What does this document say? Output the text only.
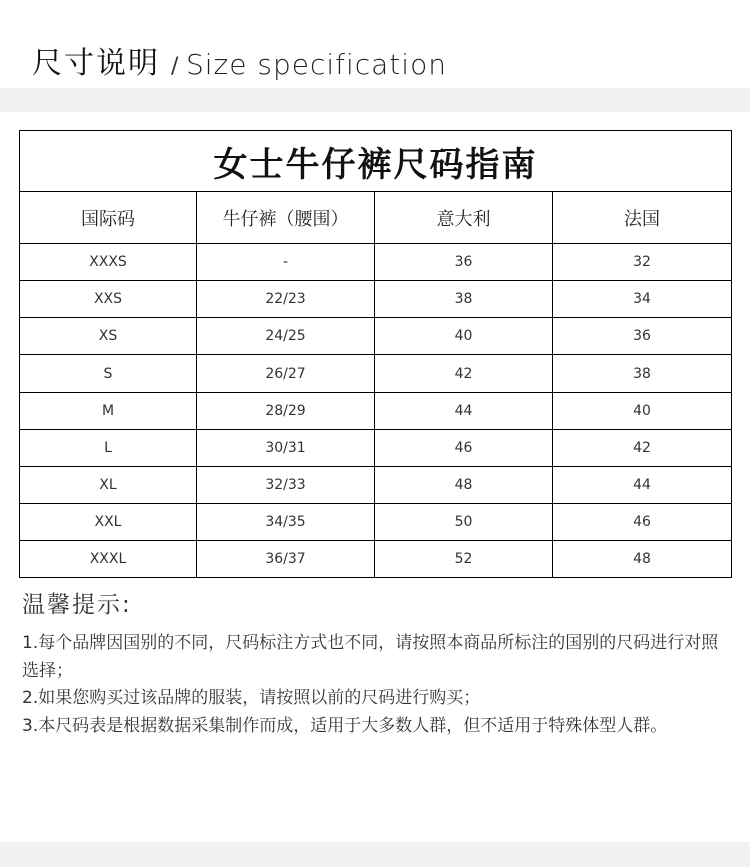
尺寸说明 / Size specification
女士牛仔裤尺码指南			
国际码	牛仔裤（腰围）	意大利	法国
XXXS	-	36	32
XXS	22/23	38	34
XS	24/25	40	36
S	26/27	42	38
M	28/29	44	40
L	30/31	46	42
XL	32/33	48	44
XXL	34/35	50	46
XXXL	36/37	52	48
温馨提示:

1.每个品牌因国别的不同，尺码标注方式也不同，请按照本商品所标注的国别的尺码进行对照选择；

2.如果您购买过该品牌的服装，请按照以前的尺码进行购买；

3.本尺码表是根据数据采集制作而成，适用于大多数人群，但不适用于特殊体型人群。
